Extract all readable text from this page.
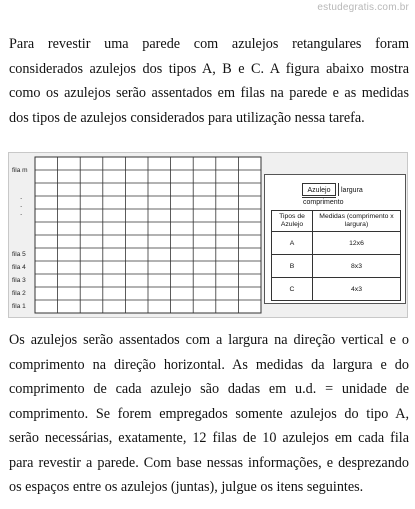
estudegratis.com.br

Para revestir uma parede com azulejos retangulares foram considerados azulejos dos tipos A, B e C. A figura abaixo mostra como os azulejos serão assentados em filas na parede e as medidas dos tipos de azulejos considerados para utilização nessa tarefa.

fila m
.
.
.
fila 5
fila 4
fila 3
fila 2
fila 1
Azulejo	largura
comprimento
Tipos de Azulejo	Medidas (comprimento x largura)
A	12x6
B	8x3
C	4x3

Os azulejos serão assentados com a largura na direção vertical e o comprimento na direção horizontal. As medidas da largura e do comprimento de cada azulejo são dadas em u.d. = unidade de comprimento. Se forem empregados somente azulejos do tipo A, serão necessárias, exatamente, 12 filas de 10 azulejos em cada fila para revestir a parede. Com base nessas informações, e desprezando os espaços entre os azulejos (juntas), julgue os itens seguintes.
